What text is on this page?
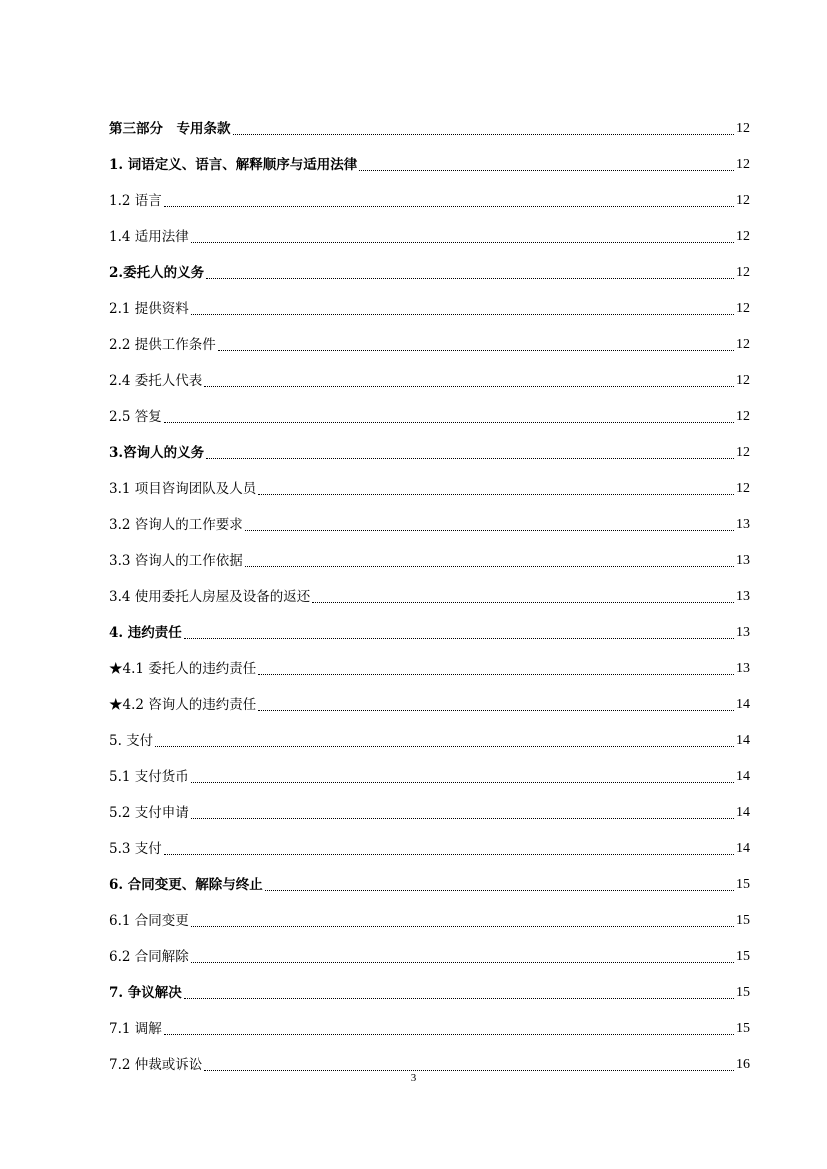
第三部分　专用条款	12
1. 词语定义、语言、解释顺序与适用法律	12
1.2 语言	12
1.4 适用法律	12
2.委托人的义务	12
2.1 提供资料	12
2.2 提供工作条件	12
2.4 委托人代表	12
2.5 答复	12
3.咨询人的义务	12
3.1 项目咨询团队及人员	12
3.2 咨询人的工作要求	13
3.3 咨询人的工作依据	13
3.4 使用委托人房屋及设备的返还	13
4. 违约责任	13
★4.1 委托人的违约责任	13
★4.2 咨询人的违约责任	14
5. 支付	14
5.1 支付货币	14
5.2 支付申请	14
5.3 支付	14
6. 合同变更、解除与终止	15
6.1 合同变更	15
6.2 合同解除	15
7. 争议解决	15
7.1 调解	15
7.2 仲裁或诉讼	16
3
